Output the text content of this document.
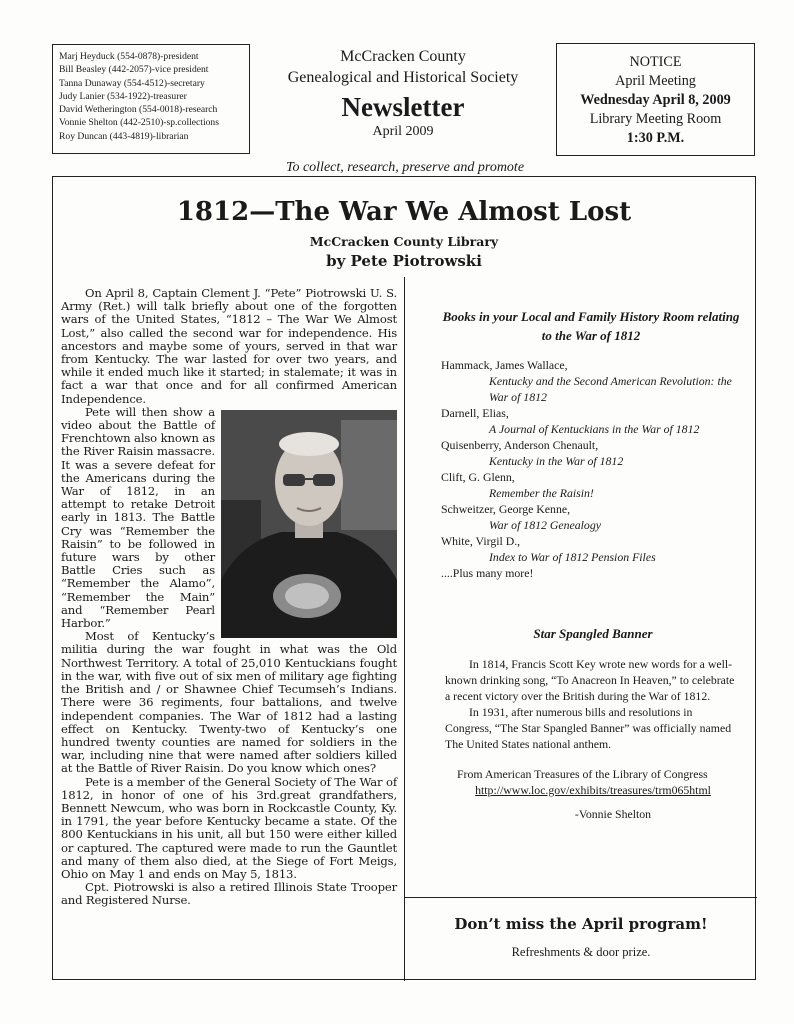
Marj Heyduck (554-0878)-president
Bill Beasley (442-2057)-vice president
Tanna Dunaway (554-4512)-secretary
Judy Lanier (534-1922)-treasurer
David Wetherington (554-0018)-research
Vonnie Shelton (442-2510)-sp.collections
Roy Duncan (443-4819)-librarian
McCracken County
Genealogical and Historical Society
Newsletter
April 2009
NOTICE
April Meeting
Wednesday April 8, 2009
Library Meeting Room
1:30 P.M.
To collect, research, preserve and promote
1812—The War We Almost Lost
McCracken County Library
by Pete Piotrowski

On April 8, Captain Clement J. “Pete” Piotrowski U. S. Army (Ret.) will talk briefly about one of the forgotten wars of the United States, “1812 – The War We Almost Lost,” also called the second war for independence. His ancestors and maybe some of yours, served in that war from Kentucky. The war lasted for over two years, and while it ended much like it started; in stalemate; it was in fact a war that once and for all confirmed American Independence.

Pete will then show a video about the Battle of Frenchtown also known as the River Raisin massacre. It was a severe defeat for the Americans during the War of 1812, in an attempt to retake Detroit early in 1813. The Battle Cry was “Remember the Raisin” to be followed in future wars by other Battle Cries such as “Remember the Alamo”, “Remember the Main” and “Remember Pearl Harbor.”

Most of Kentucky’s militia during the war fought in what was the Old Northwest Territory. A total of 25,010 Kentuckians fought in the war, with five out of six men of military age fighting the British and / or Shawnee Chief Tecumseh’s Indians. There were 36 regiments, four battalions, and twelve independent companies. The War of 1812 had a lasting effect on Kentucky. Twenty-two of Kentucky’s one hundred twenty counties are named for soldiers in the war, including nine that were named after soldiers killed at the Battle of River Raisin. Do you know which ones?

Pete is a member of the General Society of The War of 1812, in honor of one of his 3rd.great grandfathers, Bennett Newcum, who was born in Rockcastle County, Ky. in 1791, the year before Kentucky became a state. Of the 800 Kentuckians in his unit, all but 150 were either killed or captured. The captured were made to run the Gauntlet and many of them also died, at the Siege of Fort Meigs, Ohio on May 1 and ends on May 5, 1813.

Cpt. Piotrowski is also a retired Illinois State Trooper and Registered Nurse.

Books in your Local and Family History Room relating to the War of 1812
Hammack, James Wallace,
Kentucky and the Second American Revolution: the War of 1812
Darnell, Elias,
A Journal of Kentuckians in the War of 1812
Quisenberry, Anderson Chenault,
Kentucky in the War of 1812
Clift, G. Glenn,
Remember the Raisin!
Schweitzer, George Kenne,
War of 1812 Genealogy
White, Virgil D.,
Index to War of 1812 Pension Files
....Plus many more!
Star Spangled Banner

In 1814, Francis Scott Key wrote new words for a well-known drinking song, “To Anacreon In Heaven,” to celebrate a recent victory over the British during the War of 1812.

In 1931, after numerous bills and resolutions in Congress, “The Star Spangled Banner” was officially named The United States national anthem.

From American Treasures of the Library of Congress

http://www.loc.gov/exhibits/treasures/trm065html
-Vonnie Shelton
Don’t miss the April program!
Refreshments & door prize.
